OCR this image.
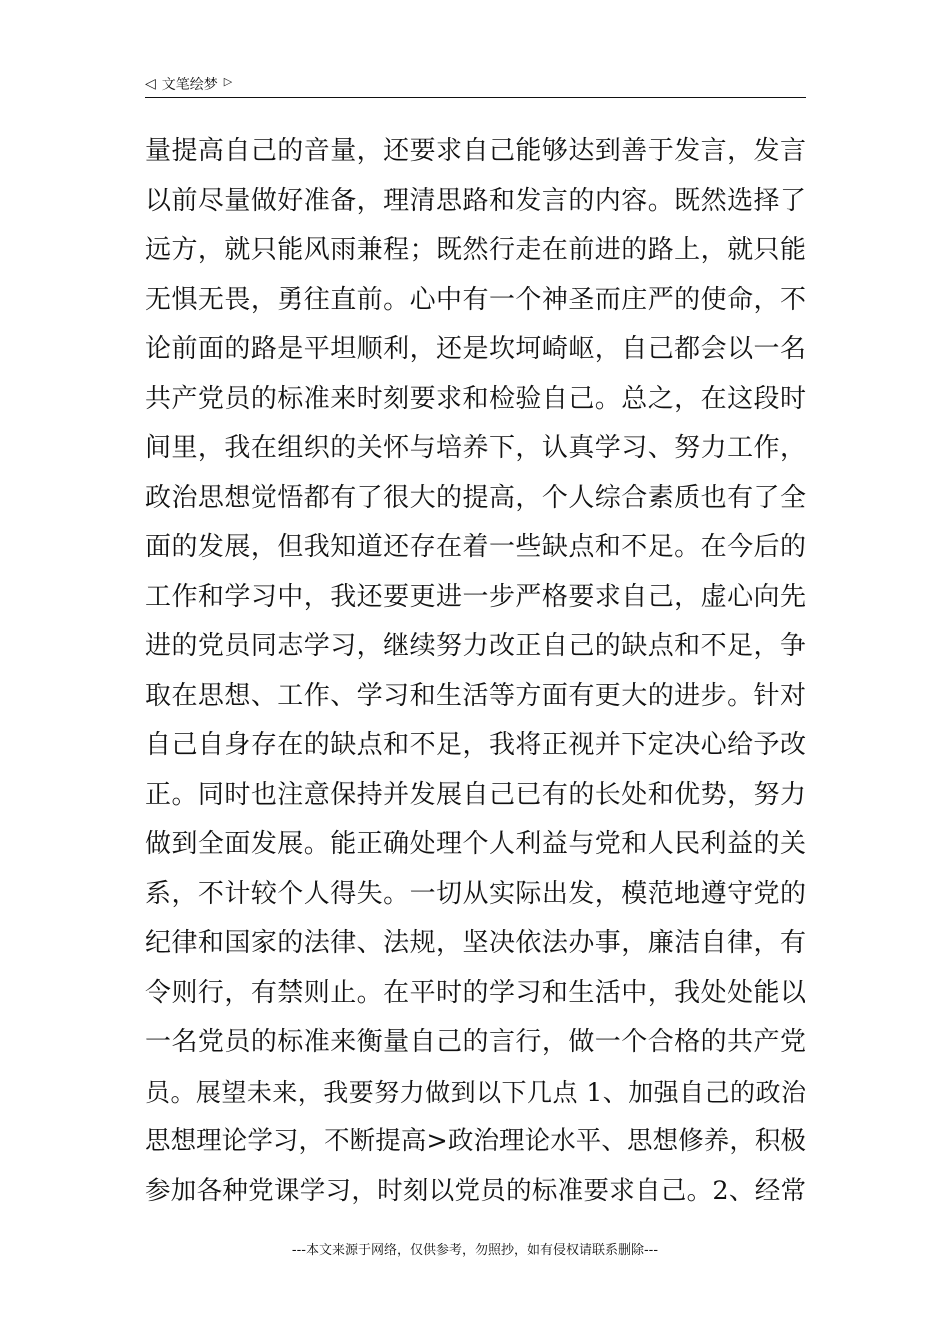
◁ 文笔绘梦 ▷
量提高自己的音量，还要求自己能够达到善于发言，发言
以前尽量做好准备，理清思路和发言的内容。既然选择了
远方，就只能风雨兼程；既然行走在前进的路上，就只能
无惧无畏，勇往直前。心中有一个神圣而庄严的使命，不
论前面的路是平坦顺利，还是坎坷崎岖，自己都会以一名
共产党员的标准来时刻要求和检验自己。总之，在这段时
间里，我在组织的关怀与培养下，认真学习、努力工作，
政治思想觉悟都有了很大的提高，个人综合素质也有了全
面的发展，但我知道还存在着一些缺点和不足。在今后的
工作和学习中，我还要更进一步严格要求自己，虚心向先
进的党员同志学习，继续努力改正自己的缺点和不足，争
取在思想、工作、学习和生活等方面有更大的进步。针对
自己自身存在的缺点和不足，我将正视并下定决心给予改
正。同时也注意保持并发展自己已有的长处和优势，努力
做到全面发展。能正确处理个人利益与党和人民利益的关
系，不计较个人得失。一切从实际出发，模范地遵守党的
纪律和国家的法律、法规，坚决依法办事，廉洁自律，有
令则行，有禁则止。在平时的学习和生活中，我处处能以
一名党员的标准来衡量自己的言行，做一个合格的共产党
员。展望未来，我要努力做到以下几点 1、加强自己的政治
思想理论学习，不断提高>政治理论水平、思想修养，积极
参加各种党课学习，时刻以党员的标准要求自己。2、经常
---本文来源于网络，仅供参考，勿照抄，如有侵权请联系删除---
